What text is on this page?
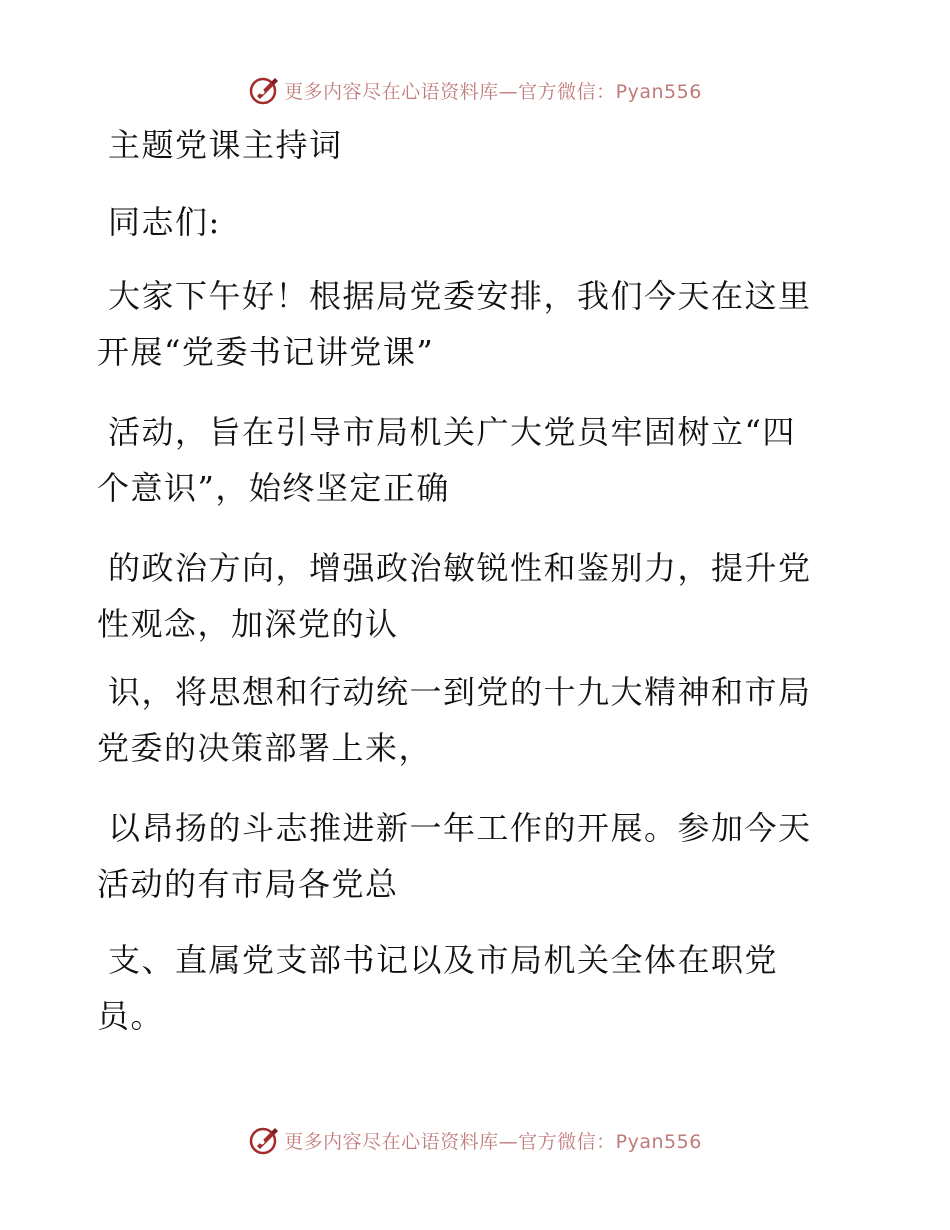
更多内容尽在心语资料库—官方微信：Pyan556
主题党课主持词
同志们:
大家下午好！根据局党委安排，我们今天在这里
开展“党委书记讲党课”
活动，旨在引导市局机关广大党员牢固树立“四
个意识”，始终坚定正确
的政治方向，增强政治敏锐性和鉴别力，提升党
性观念，加深党的认
识，将思想和行动统一到党的十九大精神和市局
党委的决策部署上来，
以昂扬的斗志推进新一年工作的开展。参加今天
活动的有市局各党总
支、直属党支部书记以及市局机关全体在职党
员。
更多内容尽在心语资料库—官方微信：Pyan556
